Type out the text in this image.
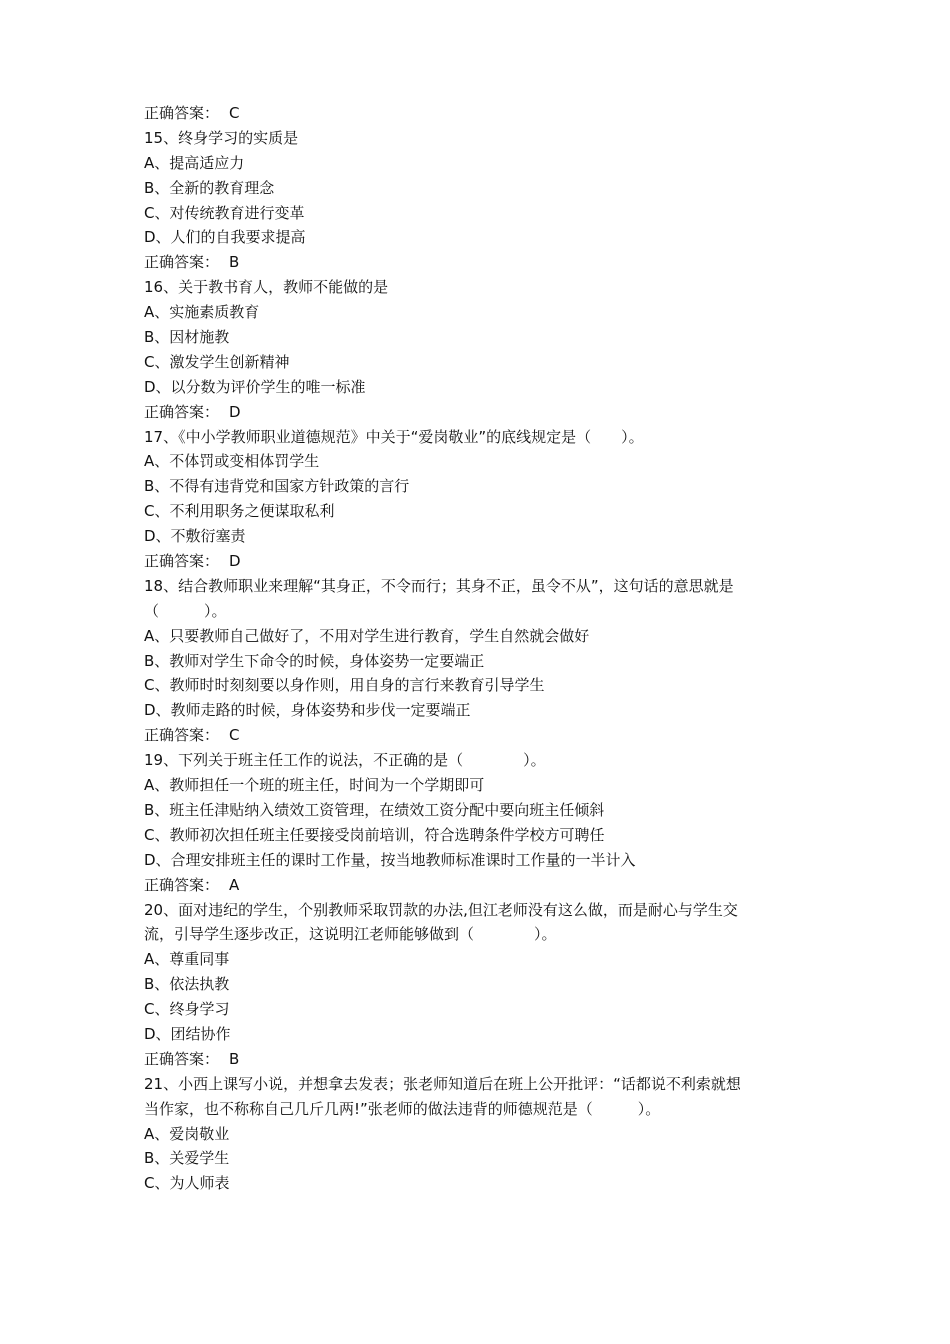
正确答案： C
15、终身学习的实质是
A、提高适应力
B、全新的教育理念
C、对传统教育进行变革
D、人们的自我要求提高
正确答案： B
16、关于教书育人，教师不能做的是
A、实施素质教育
B、因材施教
C、激发学生创新精神
D、以分数为评价学生的唯一标准
正确答案： D
17、《中小学教师职业道德规范》中关于“爱岗敬业”的底线规定是（　　）。
A、不体罚或变相体罚学生
B、不得有违背党和国家方针政策的言行
C、不利用职务之便谋取私利
D、不敷衍塞责
正确答案： D
18、结合教师职业来理解“其身正，不令而行；其身不正，虽令不从”，这句话的意思就是
（　　　）。
A、只要教师自己做好了，不用对学生进行教育，学生自然就会做好
B、教师对学生下命令的时候，身体姿势一定要端正
C、教师时时刻刻要以身作则，用自身的言行来教育引导学生
D、教师走路的时候，身体姿势和步伐一定要端正
正确答案： C
19、下列关于班主任工作的说法，不正确的是（　　　　）。
A、教师担任一个班的班主任，时间为一个学期即可
B、班主任津贴纳入绩效工资管理，在绩效工资分配中要向班主任倾斜
C、教师初次担任班主任要接受岗前培训，符合选聘条件学校方可聘任
D、合理安排班主任的课时工作量，按当地教师标准课时工作量的一半计入
正确答案： A
20、面对违纪的学生，个别教师采取罚款的办法,但江老师没有这么做，而是耐心与学生交
流，引导学生逐步改正，这说明江老师能够做到（　　　　）。
A、尊重同事
B、依法执教
C、终身学习
D、团结协作
正确答案： B
21、小西上课写小说，并想拿去发表；张老师知道后在班上公开批评：“话都说不利索就想
当作家，也不称称自己几斤几两!”张老师的做法违背的师德规范是（　　　）。
A、爱岗敬业
B、关爱学生
C、为人师表
